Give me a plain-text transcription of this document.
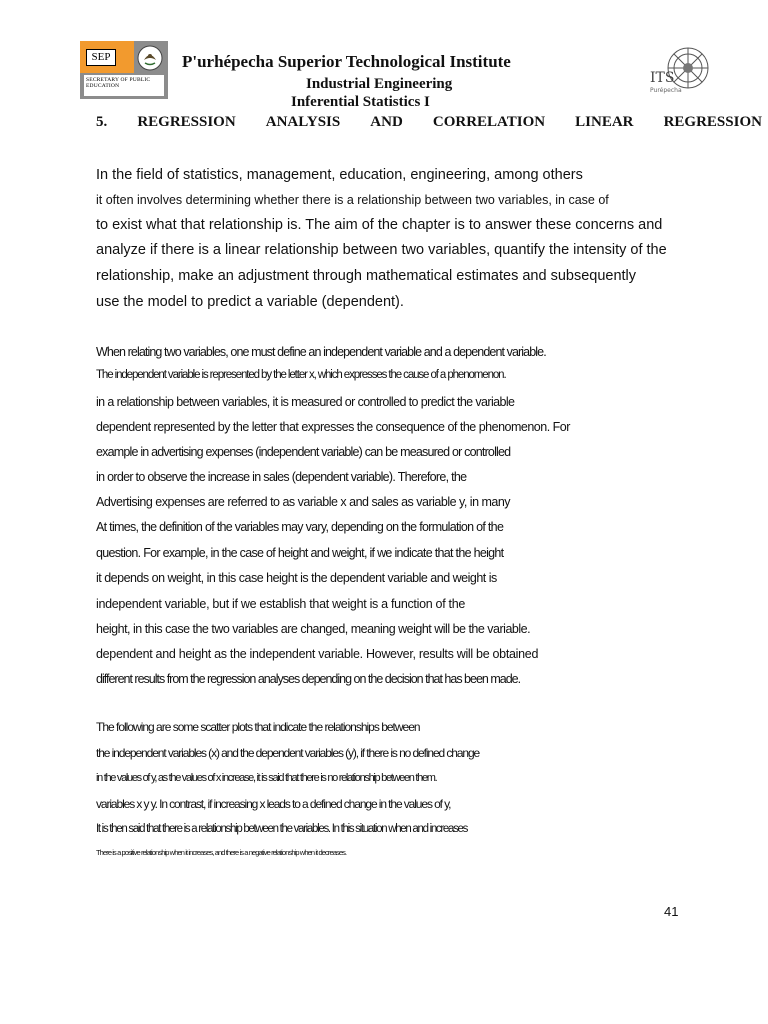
SEP
SECRETARY OF PUBLIC EDUCATION
P'urhépecha Superior Technological Institute
Industrial Engineering
Inferential Statistics I
ITS
Purépecha
5. REGRESSION ANALYSIS AND CORRELATION LINEAR REGRESSION
In the field of statistics, management, education, engineering, among others
it often involves determining whether there is a relationship between two variables, in case of
to exist what that relationship is. The aim of the chapter is to answer these concerns and
analyze if there is a linear relationship between two variables, quantify the intensity of the
relationship, make an adjustment through mathematical estimates and subsequently
use the model to predict a variable (dependent).
When relating two variables, one must define an independent variable and a dependent variable.
The independent variable is represented by the letter x, which expresses the cause of a phenomenon.
in a relationship between variables, it is measured or controlled to predict the variable
dependent represented by the letter that expresses the consequence of the phenomenon. For
example in advertising expenses (independent variable) can be measured or controlled
in order to observe the increase in sales (dependent variable). Therefore, the
Advertising expenses are referred to as variable x and sales as variable y, in many
At times, the definition of the variables may vary, depending on the formulation of the
question. For example, in the case of height and weight, if we indicate that the height
it depends on weight, in this case height is the dependent variable and weight is
independent variable, but if we establish that weight is a function of the
height, in this case the two variables are changed, meaning weight will be the variable.
dependent and height as the independent variable. However, results will be obtained
different results from the regression analyses depending on the decision that has been made.
The following are some scatter plots that indicate the relationships between
the independent variables (x) and the dependent variables (y), if there is no defined change
in the values of y, as the values of x increase, it is said that there is no relationship between them.
variables x y y. In contrast, if increasing x leads to a defined change in the values of y,
It is then said that there is a relationship between the variables. In this situation when and increases
There is a positive relationship when it increases, and there is a negative relationship when it decreases.
41
